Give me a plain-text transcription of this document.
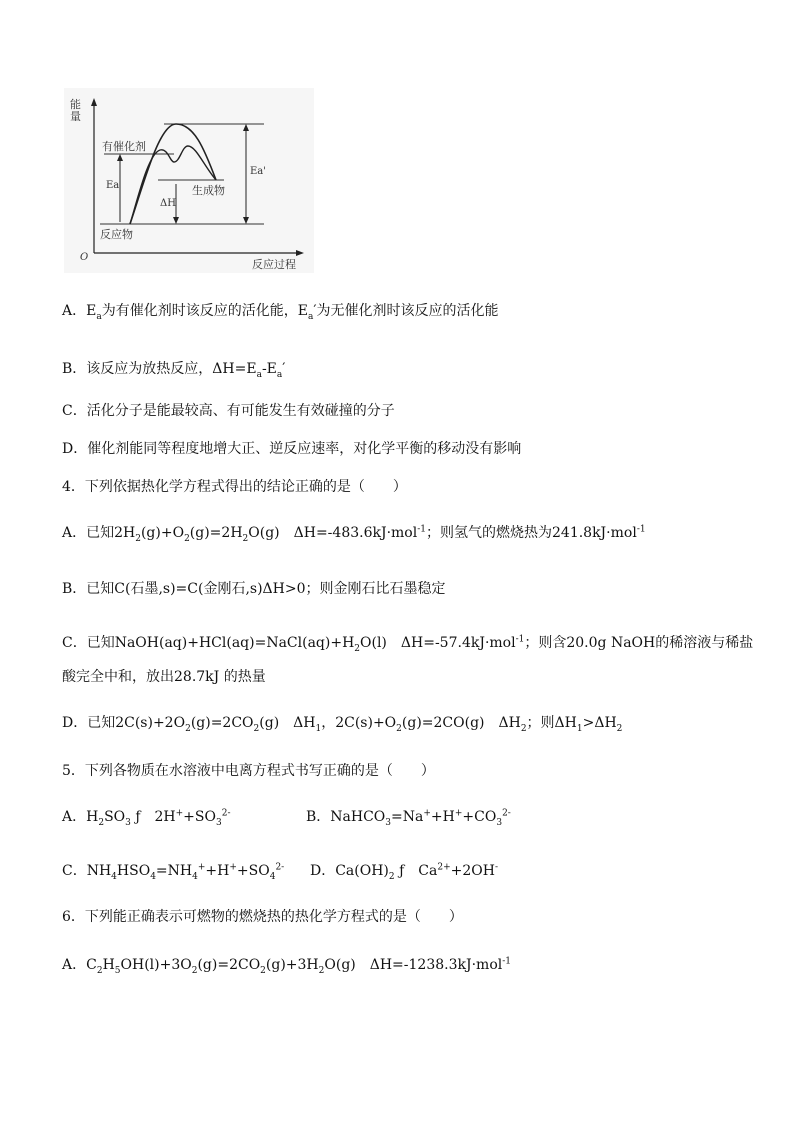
能量
有催化剂
Ea
Ea'
ΔH
生成物
反应物
O
反应过程
A．$E_a$为有催化剂时该反应的活化能，$E_a'$为无催化剂时该反应的活化能
B．该反应为放热反应，$\Delta H=E_a-E_a'$
C．活化分子是能最较高、有可能发生有效碰撞的分子
D．催化剂能同等程度地增大正、逆反应速率，对化学平衡的移动没有影响
4．下列依据热化学方程式得出的结论正确的是（　　）
A．已知$2H_2(g)+O_2(g)=2H_2O(g)$　ΔH=-483.6kJ·mol$^{-1}$；则氢气的燃烧热为241.8kJ·mol$^{-1}$
B．已知C(石墨,s)=C(金刚石,s)ΔH>0；则金刚石比石墨稳定
C．已知$NaOH(aq)+HCl(aq)=NaCl(aq)+H_2O(l)$　ΔH=-57.4kJ·mol$^{-1}$；则含20.0g NaOH的稀溶液与稀盐
酸完全中和，放出28.7kJ 的热量
D．已知$2C(s)+2O_2(g)=2CO_2(g)$　$\Delta H_1$，$2C(s)+O_2(g)=2CO(g)$　$\Delta H_2$；则$\Delta H_1>\Delta H_2$
5．下列各物质在水溶液中电离方程式书写正确的是（　　）
A．$H_2SO_3$ ƒ　$2H^++SO_3^{2-}$	B．$NaHCO_3=Na^++H^++CO_3^{2-}$
C．$NH_4HSO_4=NH_4^++H^++SO_4^{2-}$ D．$Ca(OH)_2$ ƒ　$Ca^{2+}+2OH^-$
6．下列能正确表示可燃物的燃烧热的热化学方程式的是（　　）
A．$C_2H_5OH(l)+3O_2(g)=2CO_2(g)+3H_2O(g)$　ΔH=-1238.3kJ·mol$^{-1}$
